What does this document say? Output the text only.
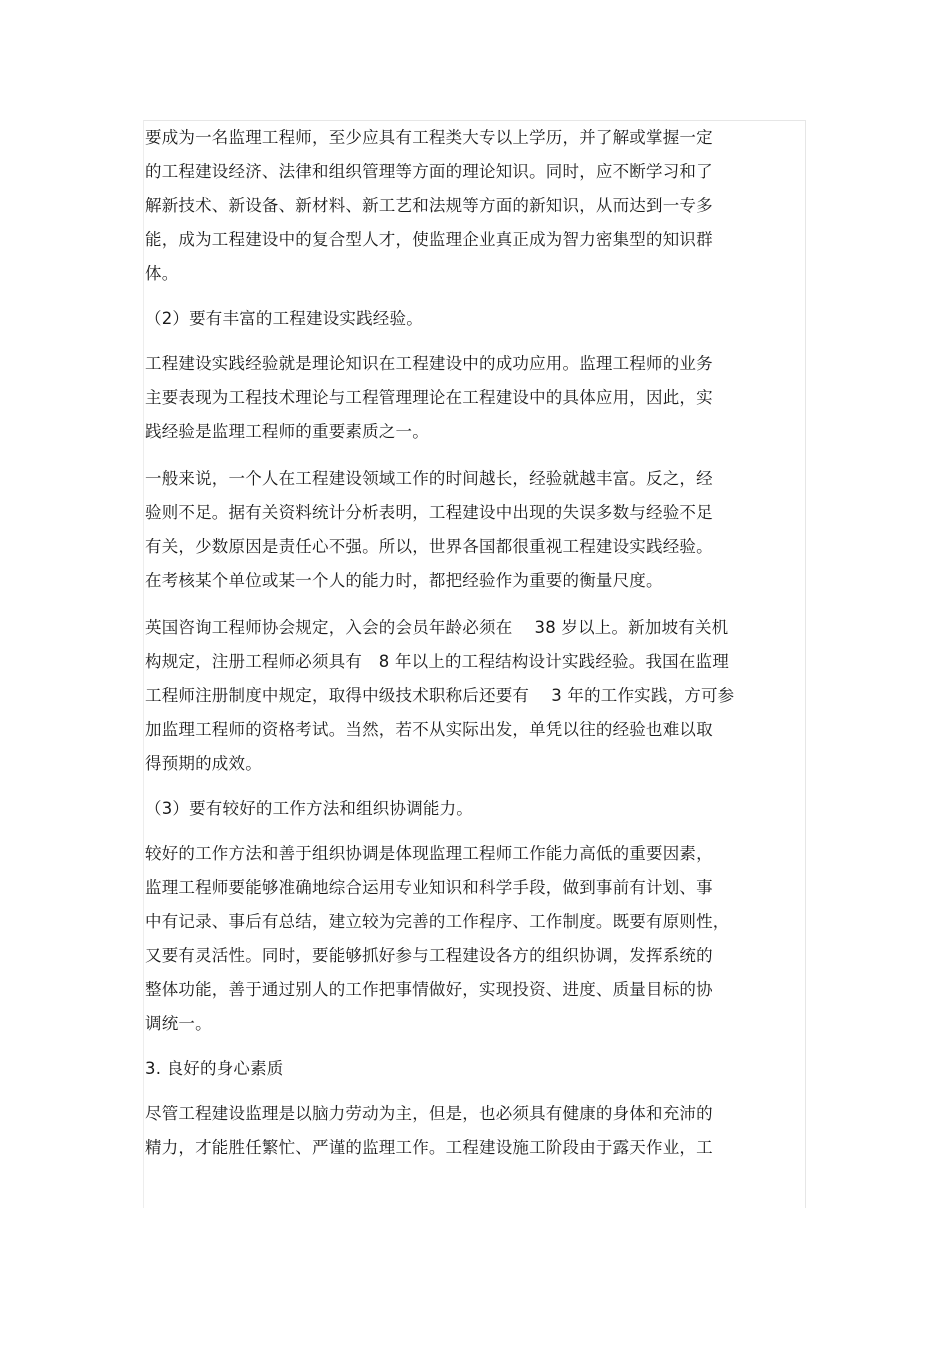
要成为一名监理工程师，至少应具有工程类大专以上学历，并了解或掌握一定
的工程建设经济、法律和组织管理等方面的理论知识。同时，应不断学习和了
解新技术、新设备、新材料、新工艺和法规等方面的新知识，从而达到一专多
能，成为工程建设中的复合型人才，使监理企业真正成为智力密集型的知识群
体。
（2）要有丰富的工程建设实践经验。
工程建设实践经验就是理论知识在工程建设中的成功应用。监理工程师的业务
主要表现为工程技术理论与工程管理理论在工程建设中的具体应用，因此，实
践经验是监理工程师的重要素质之一。
一般来说，一个人在工程建设领域工作的时间越长，经验就越丰富。反之，经
验则不足。据有关资料统计分析表明，工程建设中出现的失误多数与经验不足
有关，少数原因是责任心不强。所以，世界各国都很重视工程建设实践经验。
在考核某个单位或某一个人的能力时，都把经验作为重要的衡量尺度。
英国咨询工程师协会规定，入会的会员年龄必须在　 38 岁以上。新加坡有关机
构规定，注册工程师必须具有　8 年以上的工程结构设计实践经验。我国在监理
工程师注册制度中规定，取得中级技术职称后还要有　 3 年的工作实践，方可参
加监理工程师的资格考试。当然，若不从实际出发，单凭以往的经验也难以取
得预期的成效。
（3）要有较好的工作方法和组织协调能力。
较好的工作方法和善于组织协调是体现监理工程师工作能力高低的重要因素，
监理工程师要能够准确地综合运用专业知识和科学手段，做到事前有计划、事
中有记录、事后有总结，建立较为完善的工作程序、工作制度。既要有原则性，
又要有灵活性。同时，要能够抓好参与工程建设各方的组织协调，发挥系统的
整体功能，善于通过别人的工作把事情做好，实现投资、进度、质量目标的协
调统一。
3. 良好的身心素质
尽管工程建设监理是以脑力劳动为主，但是，也必须具有健康的身体和充沛的
精力，才能胜任繁忙、严谨的监理工作。工程建设施工阶段由于露天作业，工
